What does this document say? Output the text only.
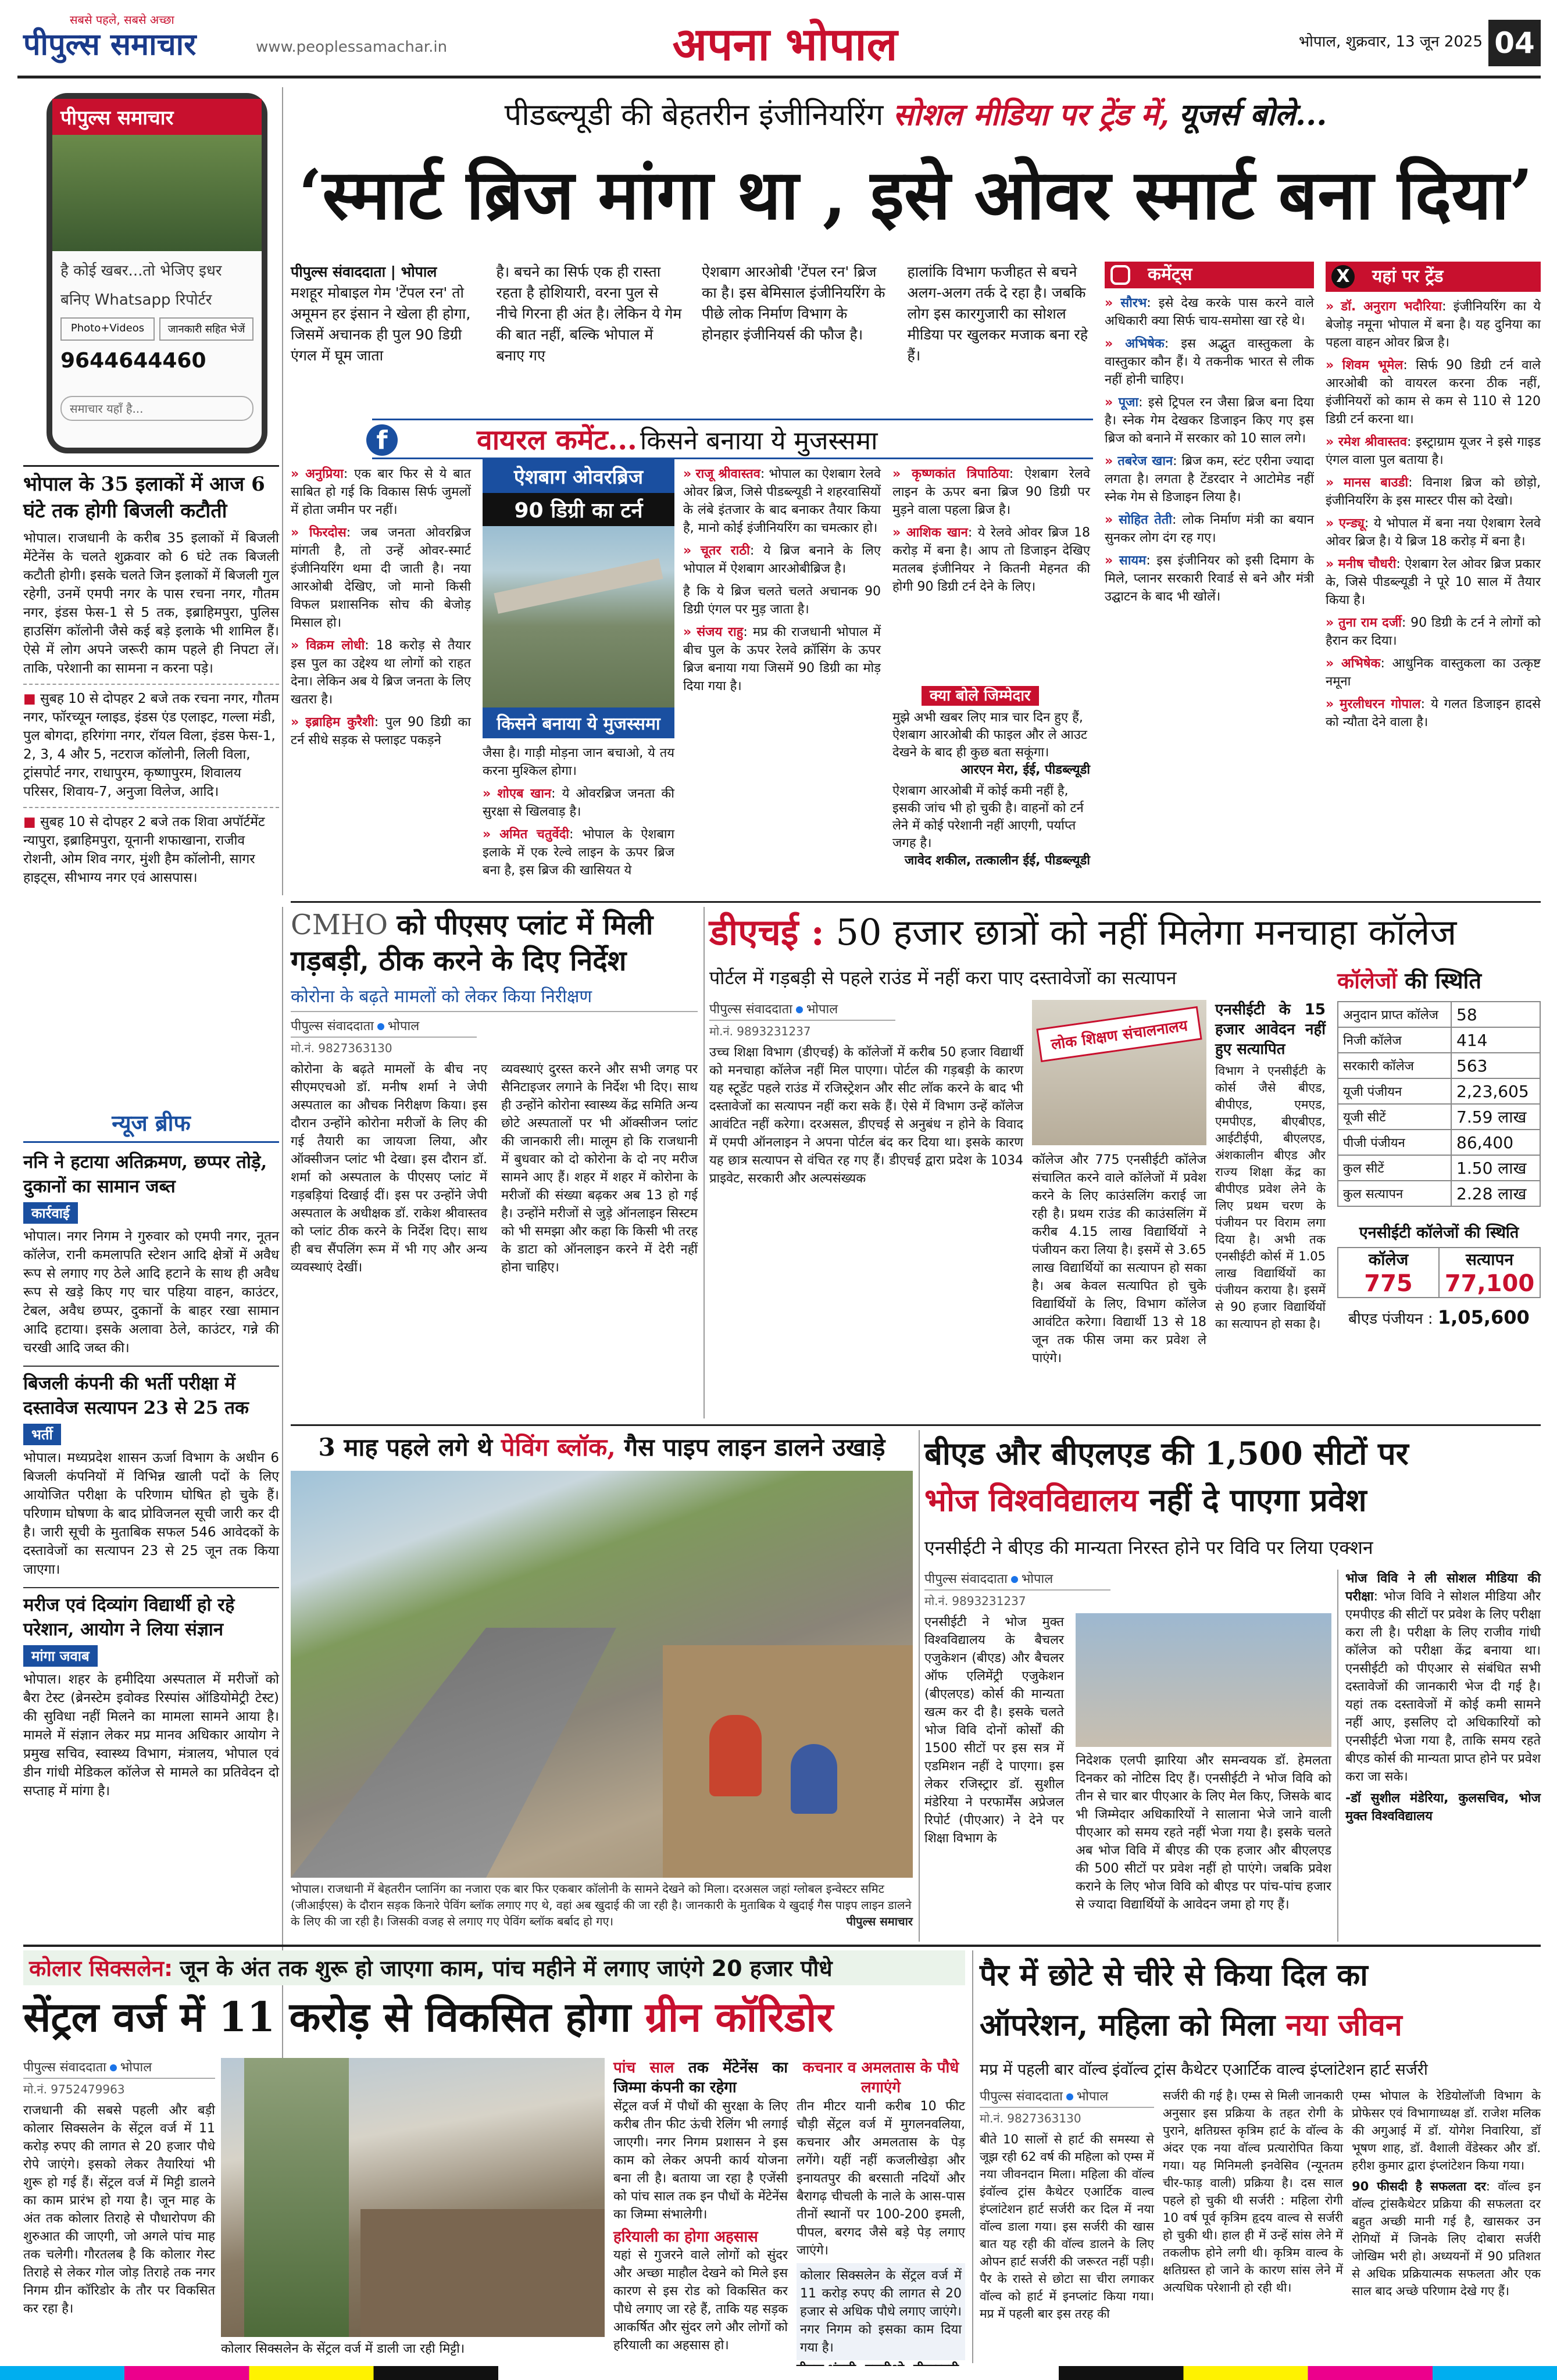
सबसे पहले, सबसे अच्छा
पीपुल्स समाचार	www.peoplessamachar.in	अपना भोपाल	भोपाल, शुक्रवार, 13 जून 2025 04
पीपुल्स समाचार
है कोई खबर...तो भेजिए इधर
बनिए Whatsapp रिपोर्टर
Photo+Videos	जानकारी सहित भेजें
9644644460
समाचार यहाँ है...
पीडब्ल्यूडी की बेहतरीन इंजीनियरिंग सोशल मीडिया पर ट्रेंड में, यूजर्स बोले...
‘स्मार्ट ब्रिज मांगा था , इसे ओवर स्मार्ट बना दिया’
पीपुल्स संवाददाता | भोपाल
मशहूर मोबाइल गेम 'टेंपल रन' तो अमूमन हर इंसान ने खेला ही होगा, जिसमें अचानक ही पुल 90 डिग्री एंगल में घूम जाता
है। बचने का सिर्फ एक ही रास्ता रहता है होशियारी, वरना पुल से नीचे गिरना ही अंत है। लेकिन ये गेम की बात नहीं, बल्कि भोपाल में बनाए गए
ऐशबाग आरओबी 'टेंपल रन' ब्रिज का है। इस बेमिसाल इंजीनियरिंग के पीछे लोक निर्माण विभाग के होनहार इंजीनियर्स की फौज है।
हालांकि विभाग फजीहत से बचने अलग-अलग तर्क दे रहा है। जबकि लोग इस कारगुजारी का सोशल मीडिया पर खुलकर मजाक बना रहे हैं।
वायरल कमेंट... किसने बनाया ये मुजस्समा
f
» अनुप्रिया: एक बार फिर से ये बात साबित हो गई कि विकास सिर्फ जुमलों में होता जमीन पर नहीं।
» फिरदोस: जब जनता ओवरब्रिज मांगती है, तो उन्हें ओवर-स्मार्ट इंजीनियरिंग थमा दी जाती है। नया आरओबी देखिए, जो मानो किसी विफल प्रशासनिक सोच की बेजोड़ मिसाल हो।
» विक्रम लोधी: 18 करोड़ से तैयार इस पुल का उद्देश्य था लोगों को राहत देना। लेकिन अब ये ब्रिज जनता के लिए खतरा है।
» इब्राहिम कुरैशी: पुल 90 डिग्री का टर्न सीधे सड़क से फ्लाइट पकड़ने
ऐशबाग ओवरब्रिज
90 डिग्री का टर्न
किसने बनाया ये मुजस्समा
जैसा है। गाड़ी मोड़ना जान बचाओ, ये तय करना मुश्किल होगा।
» शोएब खान: ये ओवरब्रिज जनता की सुरक्षा से खिलवाड़ है।
» अमित चतुर्वेदी: भोपाल के ऐशबाग इलाके में एक रेल्वे लाइन के ऊपर ब्रिज बना है, इस ब्रिज की खासियत ये
» राजू श्रीवास्तव: भोपाल का ऐशबाग रेलवे ओवर ब्रिज, जिसे पीडब्ल्यूडी ने शहरवासियों के लंबे इंतजार के बाद बनाकर तैयार किया है, मानो कोई इंजीनियरिंग का चमत्कार हो।
» चूतर राठी: ये ब्रिज बनाने के लिए भोपाल में ऐशबाग आरओबीब्रिज है।
है कि ये ब्रिज चलते चलते अचानक 90 डिग्री एंगल पर मुड़ जाता है।
» संजय राहु: मप्र की राजधानी भोपाल में बीच पुल के ऊपर रेलवे क्रॉसिंग के ऊपर ब्रिज बनाया गया जिसमें 90 डिग्री का मोड़ दिया गया है।
» कृष्णकांत त्रिपाठिया: ऐशबाग रेलवे लाइन के ऊपर बना ब्रिज 90 डिग्री पर मुड़ने वाला पहला ब्रिज है।
» आशिक खान: ये रेलवे ओवर ब्रिज 18 करोड़ में बना है। आप तो डिजाइन देखिए मतलब इंजीनियर ने कितनी मेहनत की होगी 90 डिग्री टर्न देने के लिए।
क्या बोले जिम्मेदार
मुझे अभी खबर लिए मात्र चार दिन हुए हैं, ऐशबाग आरओबी की फाइल और ले आउट देखने के बाद ही कुछ बता सकूंगा।
आरएन मेरा, ईई, पीडब्ल्यूडी
ऐशबाग आरओबी में कोई कमी नहीं है, इसकी जांच भी हो चुकी है। वाहनों को टर्न लेने में कोई परेशानी नहीं आएगी, पर्याप्त जगह है।
जावेद शकील, तत्कालीन ईई, पीडब्ल्यूडी
कमेंट्स
» सौरभ: इसे देख करके पास करने वाले अधिकारी क्या सिर्फ चाय-समोसा खा रहे थे।
» अभिषेक: इस अद्भुत वास्तुकला के वास्तुकार कौन हैं। ये तकनीक भारत से लीक नहीं होनी चाहिए।
» पूजा: इसे ट्रिपल रन जैसा ब्रिज बना दिया है। स्नेक गेम देखकर डिजाइन किए गए इस ब्रिज को बनाने में सरकार को 10 साल लगे।
» तबरेज खान: ब्रिज कम, स्टंट एरीना ज्यादा लगता है। लगता है टेंडरदार ने आटोमेड नहीं स्नेक गेम से डिजाइन लिया है।
» सोहित तेती: लोक निर्माण मंत्री का बयान सुनकर लोग दंग रह गए।
» सायम: इस इंजीनियर को इसी दिमाग के मिले, प्लानर सरकारी रिवार्ड से बने और मंत्री उद्घाटन के बाद भी खोलें।
X यहां पर ट्रेंड
» डॉ. अनुराग भदौरिया: इंजीनियरिंग का ये बेजोड़ नमूना भोपाल में बना है। यह दुनिया का पहला वाहन ओवर ब्रिज है।
» शिवम भूमेल: सिर्फ 90 डिग्री टर्न वाले आरओबी को वायरल करना ठीक नहीं, इंजीनियरों को काम से कम से 110 से 120 डिग्री टर्न करना था।
» रमेश श्रीवास्तव: इस्ट्राग्राम यूजर ने इसे गाइड एंगल वाला पुल बताया है।
» मानस बाउडी: विनाश ब्रिज को छोड़ो, इंजीनियरिंग के इस मास्टर पीस को देखो।
» एन्ड्यू: ये भोपाल में बना नया ऐशबाग रेलवे ओवर ब्रिज है। ये ब्रिज 18 करोड़ में बना है।
» मनीष चौधरी: ऐशबाग रेल ओवर ब्रिज प्रकार के, जिसे पीडब्ल्यूडी ने पूरे 10 साल में तैयार किया है।
» तुना राम दर्जी: 90 डिग्री के टर्न ने लोगों को हैरान कर दिया।
» अभिषेक: आधुनिक वास्तुकला का उत्कृष्ट नमूना
» मुरलीधरन गोपाल: ये गलत डिजाइन हादसे को न्यौता देने वाला है।
भोपाल के 35 इलाकों में आज 6 घंटे तक होगी बिजली कटौती
भोपाल। राजधानी के करीब 35 इलाकों में बिजली मेंटेनेंस के चलते शुक्रवार को 6 घंटे तक बिजली कटौती होगी। इसके चलते जिन इलाकों में बिजली गुल रहेगी, उनमें एमपी नगर के पास रचना नगर, गौतम नगर, इंडस फेस-1 से 5 तक, इब्राहिमपुरा, पुलिस हाउसिंग कॉलोनी जैसे कई बड़े इलाके भी शामिल हैं। ऐसे में लोग अपने जरूरी काम पहले ही निपटा लें। ताकि, परेशानी का सामना न करना पड़े।
■ सुबह 10 से दोपहर 2 बजे तक रचना नगर, गौतम नगर, फॉरच्यून ग्लाइड, इंडस एंड एलाइट, गल्ला मंडी, पुल बोगदा, हरिगंगा नगर, रॉयल विला, इंडस फेस-1, 2, 3, 4 और 5, नटराज कॉलोनी, लिली विला, ट्रांसपोर्ट नगर, राधापुरम, कृष्णापुरम, शिवालय परिसर, शिवाय-7, अनुजा विलेज, आदि।
■ सुबह 10 से दोपहर 2 बजे तक शिवा अपॉर्टमेंट न्यापुरा, इब्राहिमपुरा, यूनानी शफाखाना, राजीव रोशनी, ओम शिव नगर, मुंशी हैम कॉलोनी, सागर हाइट्स, सीभाग्य नगर एवं आसपास।
न्यूज ब्रीफ
ननि ने हटाया अतिक्रमण, छप्पर तोड़े, दुकानों का सामान जब्त
कार्रवाई
भोपाल। नगर निगम ने गुरुवार को एमपी नगर, नूतन कॉलेज, रानी कमलापति स्टेशन आदि क्षेत्रों में अवैध रूप से लगाए गए ठेले आदि हटाने के साथ ही अवैध रूप से खड़े किए गए चार पहिया वाहन, काउंटर, टेबल, अवैध छप्पर, दुकानों के बाहर रखा सामान आदि हटाया। इसके अलावा ठेले, काउंटर, गन्ने की चरखी आदि जब्त की।
बिजली कंपनी की भर्ती परीक्षा में दस्तावेज सत्यापन 23 से 25 तक
भर्ती
भोपाल। मध्यप्रदेश शासन ऊर्जा विभाग के अधीन 6 बिजली कंपनियों में विभिन्न खाली पदों के लिए आयोजित परीक्षा के परिणाम घोषित हो चुके हैं। परिणाम घोषणा के बाद प्रोविजनल सूची जारी कर दी है। जारी सूची के मुताबिक सफल 546 आवेदकों के दस्तावेजों का सत्यापन 23 से 25 जून तक किया जाएगा।
मरीज एवं दिव्यांग विद्यार्थी हो रहे परेशान, आयोग ने लिया संज्ञान
मांगा जवाब
भोपाल। शहर के हमीदिया अस्पताल में मरीजों को बैरा टेस्ट (ब्रेनस्टेम इवोक्ड रिस्पांस ऑडियोमेट्री टेस्ट) की सुविधा नहीं मिलने का मामला सामने आया है। मामले में संज्ञान लेकर मप्र मानव अधिकार आयोग ने प्रमुख सचिव, स्वास्थ्य विभाग, मंत्रालय, भोपाल एवं डीन गांधी मेडिकल कॉलेज से मामले का प्रतिवेदन दो सप्ताह में मांगा है।
CMHO को पीएसए प्लांट में मिली गड़बड़ी, ठीक करने के दिए निर्देश
कोरोना के बढ़ते मामलों को लेकर किया निरीक्षण
पीपुल्स संवाददाता भोपाल
मो.नं. 9827363130
कोरोना के बढ़ते मामलों के बीच नए सीएमएचओ डॉ. मनीष शर्मा ने जेपी अस्पताल का औचक निरीक्षण किया। इस दौरान उन्होंने कोरोना मरीजों के लिए की गई तैयारी का जायजा लिया, और ऑक्सीजन प्लांट भी देखा। इस दौरान डॉ. शर्मा को अस्पताल के पीएसए प्लांट में गड़बड़ियां दिखाई दीं। इस पर उन्होंने जेपी अस्पताल के अधीक्षक डॉ. राकेश श्रीवास्तव को प्लांट ठीक करने के निर्देश दिए। साथ ही बच सैंपलिंग रूम में भी गए और अन्य व्यवस्थाएं देखीं।
व्यवस्थाएं दुरस्त करने और सभी जगह पर सैनिटाइजर लगाने के निर्देश भी दिए। साथ ही उन्होंने कोरोना स्वास्थ्य केंद्र समिति अन्य छोटे अस्पतालों पर भी ऑक्सीजन प्लांट की जानकारी ली। मालूम हो कि राजधानी में बुधवार को दो कोरोना के दो नए मरीज सामने आए हैं। शहर में शहर में कोरोना के मरीजों की संख्या बढ़कर अब 13 हो गई है। उन्होंने मरीजों से जुड़े ऑनलाइन सिस्टम को भी समझा और कहा कि किसी भी तरह के डाटा को ऑनलाइन करने में देरी नहीं होना चाहिए।
डीएचई : 50 हजार छात्रों को नहीं मिलेगा मनचाहा कॉलेज
पोर्टल में गड़बड़ी से पहले राउंड में नहीं करा पाए दस्तावेजों का सत्यापन
पीपुल्स संवाददाता भोपाल
मो.नं. 9893231237
उच्च शिक्षा विभाग (डीएचई) के कॉलेजों में करीब 50 हजार विद्यार्थी को मनचाहा कॉलेज नहीं मिल पाएगा। पोर्टल की गड़बड़ी के कारण यह स्टूडेंट पहले राउंड में रजिस्ट्रेशन और सीट लॉक करने के बाद भी दस्तावेजों का सत्यापन नहीं करा सके हैं। ऐसे में विभाग उन्हें कॉलेज आवंटित नहीं करेगा। दरअसल, डीएचई से अनुबंध न होने के विवाद में एमपी ऑनलाइन ने अपना पोर्टल बंद कर दिया था। इसके कारण यह छात्र सत्यापन से वंचित रह गए हैं। डीएचई द्वारा प्रदेश के 1034 प्राइवेट, सरकारी और अल्पसंख्यक
लोक शिक्षण संचालनालय
कॉलेज और 775 एनसीईटी कॉलेज संचालित करने वाले कॉलेजों में प्रवेश करने के लिए काउंसलिंग कराई जा रही है। प्रथम राउंड की काउंसलिंग में करीब 4.15 लाख विद्यार्थियों ने पंजीयन करा लिया है। इसमें से 3.65 लाख विद्यार्थियों का सत्यापन हो सका है। अब केवल सत्यापित हो चुके विद्यार्थियों के लिए, विभाग कॉलेज आवंटित करेगा। विद्यार्थी 13 से 18 जून तक फीस जमा कर प्रवेश ले पाएंगे।
एनसीईटी के 15 हजार आवेदन नहीं हुए सत्यापित
विभाग ने एनसीईटी के कोर्स जैसे बीएड, बीपीएड, एमएड, एमपीएड, बीएबीएड, आईटीईपी, बीएलएड, अंशकालीन बीएड और राज्य शिक्षा केंद्र का बीपीएड प्रवेश लेने के लिए प्रथम चरण के पंजीयन पर विराम लगा दिया है। अभी तक एनसीईटी कोर्स में 1.05 लाख विद्यार्थियों का पंजीयन कराया है। इसमें से 90 हजार विद्यार्थियों का सत्यापन हो सका है।
कॉलेजों की स्थिति
अनुदान प्राप्त कॉलेज	58
निजी कॉलेज	414
सरकारी कॉलेज	563
यूजी पंजीयन	2,23,605
यूजी सीटें	7.59 लाख
पीजी पंजीयन	86,400
कुल सीटें	1.50 लाख
कुल सत्यापन	2.28 लाख
एनसीईटी कॉलेजों की स्थिति
कॉलेज
775
सत्यापन
77,100
बीएड पंजीयन : 1,05,600
3 माह पहले लगे थे पेविंग ब्लॉक, गैस पाइप लाइन डालने उखाड़े
भोपाल। राजधानी में बेहतरीन प्लानिंग का नजारा एक बार फिर एकबार कॉलोनी के सामने देखने को मिला। दरअसल जहां ग्लोबल इन्वेस्टर समिट (जीआईएस) के दौरान सड़क किनारे पेविंग ब्लॉक लगाए गए थे, वहां अब खुदाई की जा रही है। जानकारी के मुताबिक ये खुदाई गैस पाइप लाइन डालने के लिए की जा रही है। जिसकी वजह से लगाए गए पेविंग ब्लॉक बर्बाद हो गए।	पीपुल्स समाचार
बीएड और बीएलएड की 1,500 सीटों पर
भोज विश्वविद्यालय नहीं दे पाएगा प्रवेश
एनसीईटी ने बीएड की मान्यता निरस्त होने पर विवि पर लिया एक्शन
पीपुल्स संवाददाता भोपाल
मो.नं. 9893231237
एनसीईटी ने भोज मुक्त विश्वविद्यालय के बैचलर एजुकेशन (बीएड) और बैचलर ऑफ एलिमेंट्री एजुकेशन (बीएलएड) कोर्स की मान्यता खत्म कर दी है। इसके चलते भोज विवि दोनों कोर्सों की 1500 सीटों पर इस सत्र में एडमिशन नहीं दे पाएगा। इस लेकर रजिस्ट्रार डॉ. सुशील मंडेरिया ने परफार्मेंस अप्रेजल रिपोर्ट (पीएआर) ने देने पर शिक्षा विभाग के
निदेशक एलपी झारिया और समन्वयक डॉ. हेमलता दिनकर को नोटिस दिए हैं। एनसीईटी ने भोज विवि को तीन से चार बार पीएआर के लिए मेल किए, जिसके बाद भी जिम्मेदार अधिकारियों ने सालाना भेजे जाने वाली पीएआर को समय रहते नहीं भेजा गया है। इसके चलते अब भोज विवि में बीएड की एक हजार और बीएलएड की 500 सीटों पर प्रवेश नहीं हो पाएंगे। जबकि प्रवेश कराने के लिए भोज विवि को बीएड पर पांच-पांच हजार से ज्यादा विद्यार्थियों के आवेदन जमा हो गए हैं।
भोज विवि ने ली सोशल मीडिया की परीक्षा: भोज विवि ने सोशल मीडिया और एमपीएड की सीटों पर प्रवेश के लिए परीक्षा करा ली है। परीक्षा के लिए राजीव गांधी कॉलेज को परीक्षा केंद्र बनाया था। एनसीईटी को पीएआर से संबंधित सभी दस्तावेजों की जानकारी भेज दी गई है। यहां तक दस्तावेजों में कोई कमी सामने नहीं आए, इसलिए दो अधिकारियों को एनसीईटी भेजा गया है, ताकि समय रहते बीएड कोर्स की मान्यता प्राप्त होने पर प्रवेश करा जा सके।
-डॉ सुशील मंडेरिया, कुलसचिव, भोज मुक्त विश्वविद्यालय
कोलार सिक्सलेन: जून के अंत तक शुरू हो जाएगा काम, पांच महीने में लगाए जाएंगे 20 हजार पौधे
सेंट्रल वर्ज में 11 करोड़ से विकसित होगा ग्रीन कॉरिडोर
पीपुल्स संवाददाता भोपाल
मो.नं. 9752479963
राजधानी की सबसे पहली और बड़ी कोलार सिक्सलेन के सेंट्रल वर्ज में 11 करोड़ रुपए की लागत से 20 हजार पौधे रोपे जाएंगे। इसको लेकर तैयारियां भी शुरू हो गई हैं। सेंट्रल वर्ज में मिट्टी डालने का काम प्रारंभ हो गया है। जून माह के अंत तक कोलार तिराहे से पौधारोपण की शुरुआत की जाएगी, जो अगले पांच माह तक चलेगी। गौरतलब है कि कोलार गेस्ट तिराहे से लेकर गोल जोड़ तिराहे तक नगर निगम ग्रीन कॉरिडोर के तौर पर विकसित कर रहा है।
कोलार सिक्सलेन के सेंट्रल वर्ज में डाली जा रही मिट्टी।
पांच साल तक मेंटेनेंस का जिम्मा कंपनी का रहेगा
सेंट्रल वर्ज में पौधों की सुरक्षा के लिए करीब तीन फीट ऊंची रेलिंग भी लगाई जाएगी। नगर निगम प्रशासन ने इस काम को लेकर अपनी कार्य योजना बना ली है। बताया जा रहा है एजेंसी को पांच साल तक इन पौधों के मेंटेनेंस का जिम्मा संभालेगी।
हरियाली का होगा अहसास
यहां से गुजरने वाले लोगों को सुंदर और अच्छा माहौल देखने को मिले इस कारण से इस रोड को विकसित कर पौधे लगाए जा रहे हैं, ताकि यह सड़क आकर्षित और सुंदर लगे और लोगों को हरियाली का अहसास हो।
कचनार व अमलतास के पौधे लगाएंगे
तीन मीटर यानी करीब 10 फीट चौड़ी सेंट्रल वर्ज में मुगलनवलिया, कचनार और अमलतास के पेड़ लगेंगे। यहीं नहीं कजलीखेड़ा और इनायतपुर की बरसाती नदियों और बैरागढ़ चीचली के नाले के आस-पास तीनों स्थानों पर 100-200 इमली, पीपल, बरगद जैसे बड़े पेड़ लगाए जाएंगे।
कोलार सिक्सलेन के सेंट्रल वर्ज में 11 करोड़ रुपए की लागत से 20 हजार से अधिक पौधे लगाए जाएंगे। नगर निगम को इसका काम दिया गया है।
पैर में छोटे से चीरे से किया दिल का
ऑपरेशन, महिला को मिला नया जीवन
मप्र में पहली बार वॉल्व इंवॉल्व ट्रांस कैथेटर एआर्टिक वाल्व इंप्लांटेशन हार्ट सर्जरी
पीपुल्स संवाददाता भोपाल
मो.नं. 9827363130
बीते 10 सालों से हार्ट की समस्या से जूझ रही 62 वर्ष की महिला को एम्स में नया जीवनदान मिला। महिला की वॉल्व इंवॉल्व ट्रांस कैथेटर एआर्टिक वाल्व इंप्लांटेशन हार्ट सर्जरी कर दिल में नया वॉल्व डाला गया। इस सर्जरी की खास बात यह रही की वॉल्व डालने के लिए ओपन हार्ट सर्जरी की जरूरत नहीं पड़ी। पैर के रास्ते से छोटा सा चीरा लगाकर वॉल्व को हार्ट में इनप्लांट किया गया। मप्र में पहली बार इस तरह की
सर्जरी की गई है। एम्स से मिली जानकारी अनुसार इस प्रक्रिया के तहत रोगी के पुराने, क्षतिग्रस्त कृत्रिम हार्ट के वॉल्व के अंदर एक नया वॉल्व प्रत्यारोपित किया गया। यह मिनिमली इनवेसिव (न्यूनतम चीर-फाड़ वाली) प्रक्रिया है। दस साल पहले हो चुकी थी सर्जरी : महिला रोगी 10 वर्ष पूर्व कृत्रिम हृदय वाल्व से सर्जरी हो चुकी थी। हाल ही में उन्हें सांस लेने में तकलीफ होने लगी थी। कृत्रिम वाल्व के क्षतिग्रस्त हो जाने के कारण सांस लेने में अत्यधिक परेशानी हो रही थी।
एम्स भोपाल के रेडियोलॉजी विभाग के प्रोफेसर एवं विभागाध्यक्ष डॉ. राजेश मलिक की अगुआई में डॉ. योगेश निवारिया, डॉ भूषण शाह, डॉ. वैशाली वेंडेस्कर और डॉ. हरीश कुमार द्वारा इंप्लांटेशन किया गया।
90 फीसदी है सफलता दर: वॉल्व इन वॉल्व ट्रांसकैथेटर प्रक्रिया की सफलता दर बहुत अच्छी मानी गई है, खासकर उन रोगियों में जिनके लिए दोबारा सर्जरी जोखिम भरी हो। अध्ययनों में 90 प्रतिशत से अधिक प्रक्रियात्मक सफलता और एक साल बाद अच्छे परिणाम देखे गए हैं।
